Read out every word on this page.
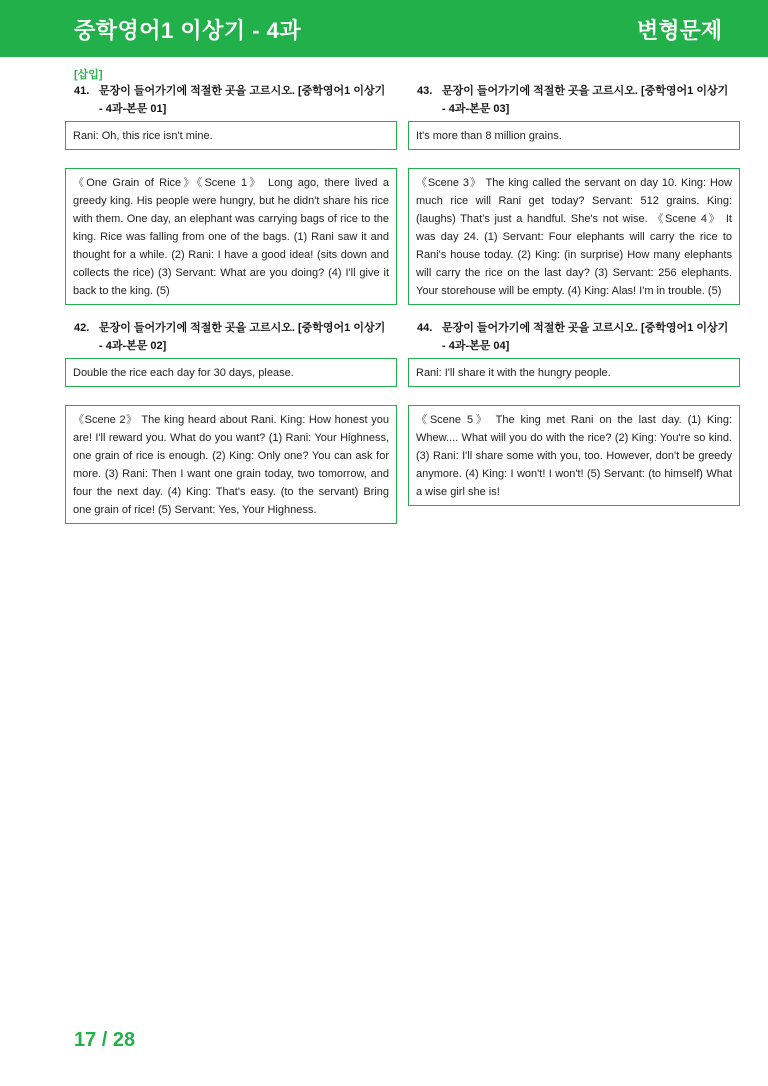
중학영어1 이상기 - 4과	변형문제
[삽입]
41. 문장이 들어가기에 적절한 곳을 고르시오. [중학영어1 이상기
- 4과-본문 01]
Rani: Oh, this rice isn't mine.
《One Grain of Rice》《Scene 1》 Long ago, there lived a greedy king. His people were hungry, but he didn't share his rice with them. One day, an elephant was carrying bags of rice to the king. Rice was falling from one of the bags. (1) Rani saw it and thought for a while. (2) Rani: I have a good idea! (sits down and collects the rice) (3) Servant: What are you doing? (4) I'll give it back to the king. (5)
42. 문장이 들어가기에 적절한 곳을 고르시오. [중학영어1 이상기
- 4과-본문 02]
Double the rice each day for 30 days, please.
《Scene 2》 The king heard about Rani. King: How honest you are! I'll reward you. What do you want? (1) Rani: Your Highness, one grain of rice is enough. (2) King: Only one? You can ask for more. (3) Rani: Then I want one grain today, two tomorrow, and four the next day. (4) King: That's easy. (to the servant) Bring one grain of rice! (5) Servant: Yes, Your Highness.
43. 문장이 들어가기에 적절한 곳을 고르시오. [중학영어1 이상기
- 4과-본문 03]
It's more than 8 million grains.
《Scene 3》 The king called the servant on day 10. King: How much rice will Rani get today? Servant: 512 grains. King: (laughs) That's just a handful. She's not wise. 《Scene 4》 It was day 24. (1) Servant: Four elephants will carry the rice to Rani's house today. (2) King: (in surprise) How many elephants will carry the rice on the last day? (3) Servant: 256 elephants. Your storehouse will be empty. (4) King: Alas! I'm in trouble. (5)
44. 문장이 들어가기에 적절한 곳을 고르시오. [중학영어1 이상기
- 4과-본문 04]
Rani: I'll share it with the hungry people.
《Scene 5》 The king met Rani on the last day. (1) King: Whew.... What will you do with the rice? (2) King: You're so kind. (3) Rani: I'll share some with you, too. However, don't be greedy anymore. (4) King: I won't! I won't! (5) Servant: (to himself) What a wise girl she is!
17 / 28
